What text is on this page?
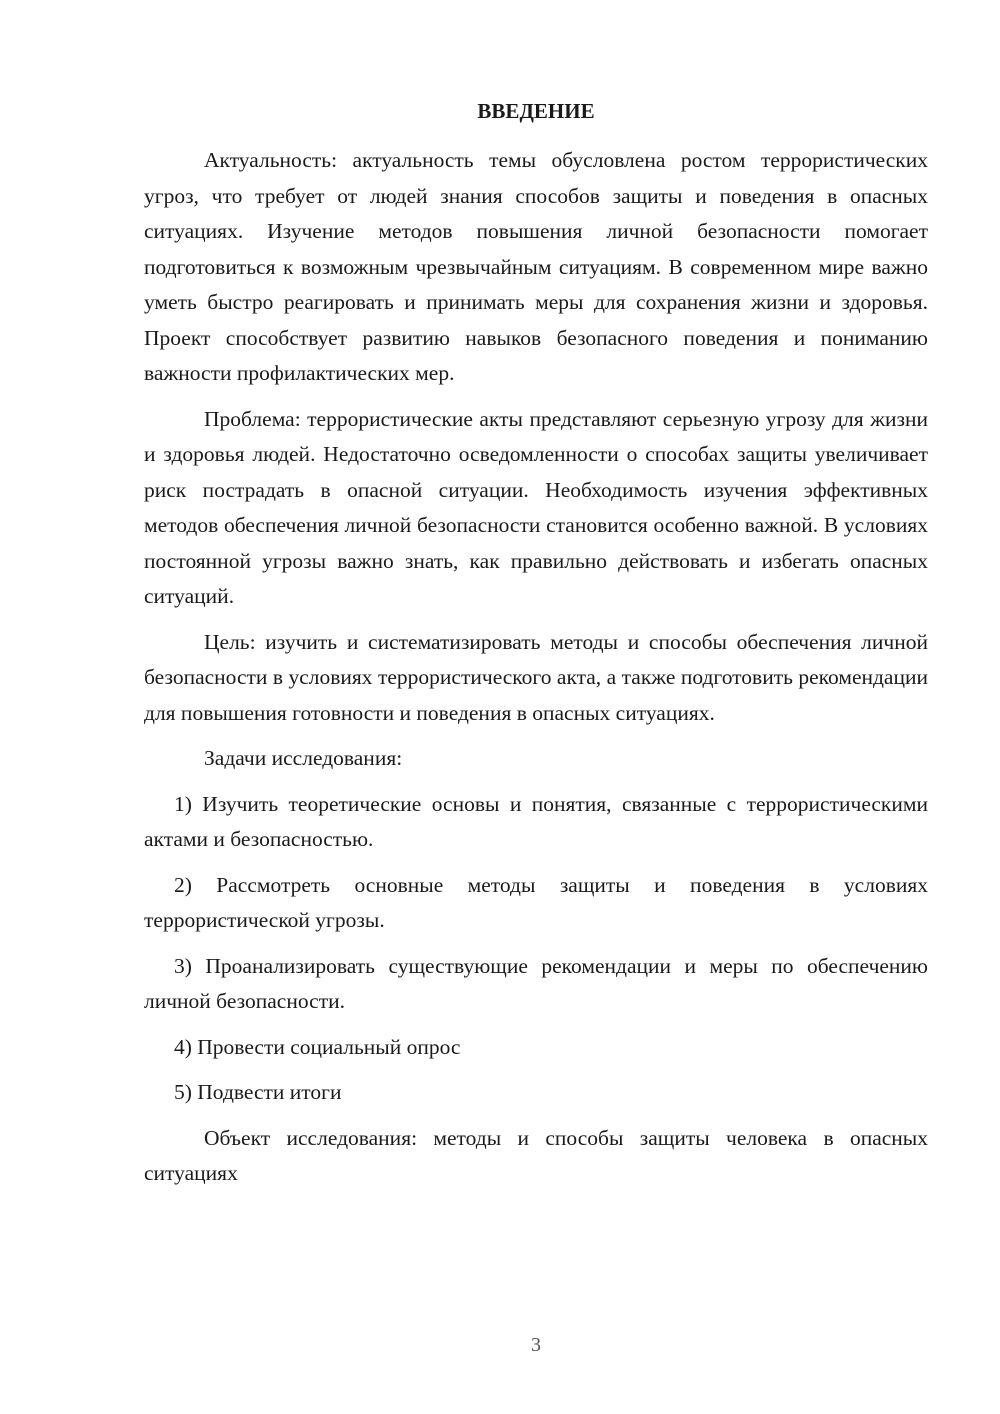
ВВЕДЕНИЕ

Актуальность: актуальность темы обусловлена ростом террористических угроз, что требует от людей знания способов защиты и поведения в опасных ситуациях. Изучение методов повышения личной безопасности помогает подготовиться к возможным чрезвычайным ситуациям. В современном мире важно уметь быстро реагировать и принимать меры для сохранения жизни и здоровья. Проект способствует развитию навыков безопасного поведения и пониманию важности профилактических мер.

Проблема: террористические акты представляют серьезную угрозу для жизни и здоровья людей. Недостаточно осведомленности о способах защиты увеличивает риск пострадать в опасной ситуации. Необходимость изучения эффективных методов обеспечения личной безопасности становится особенно важной. В условиях постоянной угрозы важно знать, как правильно действовать и избегать опасных ситуаций.

Цель: изучить и систематизировать методы и способы обеспечения личной безопасности в условиях террористического акта, а также подготовить рекомендации для повышения готовности и поведения в опасных ситуациях.

Задачи исследования:

1) Изучить теоретические основы и понятия, связанные с террористическими актами и безопасностью.

2) Рассмотреть основные методы защиты и поведения в условиях террористической угрозы.

3) Проанализировать существующие рекомендации и меры по обеспечению личной безопасности.

4) Провести социальный опрос

5) Подвести итоги

Объект исследования: методы и способы защиты человека в опасных ситуациях

3
